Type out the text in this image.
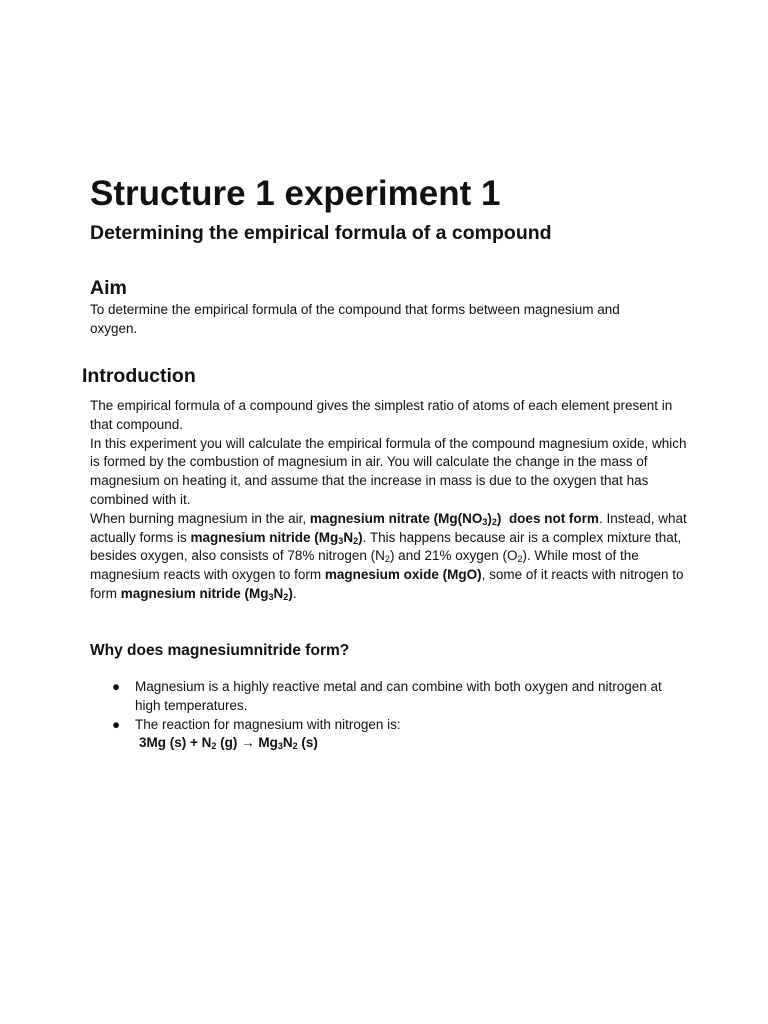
Structure 1 experiment 1
Determining the empirical formula of a compound
Aim

To determine the empirical formula of the compound that forms between magnesium and oxygen.

Introduction

The empirical formula of a compound gives the simplest ratio of atoms of each element present in that compound.

In this experiment you will calculate the empirical formula of the compound magnesium oxide, which is formed by the combustion of magnesium in air. You will calculate the change in the mass of magnesium on heating it, and assume that the increase in mass is due to the oxygen that has combined with it.

When burning magnesium in the air, magnesium nitrate $(Mg(NO_3)_2)$ does not form. Instead, what actually forms is magnesium nitride $(Mg_3N_2)$. This happens because air is a complex mixture that, besides oxygen, also consists of 78% nitrogen $(N_2)$ and 21% oxygen $(O_2)$. While most of the magnesium reacts with oxygen to form magnesium oxide (MgO), some of it reacts with nitrogen to form magnesium nitride $(Mg_3N_2)$.

Why does magnesiumnitride form?
● Magnesium is a highly reactive metal and can combine with both oxygen and nitrogen at high temperatures.
● The reaction for magnesium with nitrogen is:
3Mg $(s) + N_2$ $(g) \to Mg_3N_2$ (s)
